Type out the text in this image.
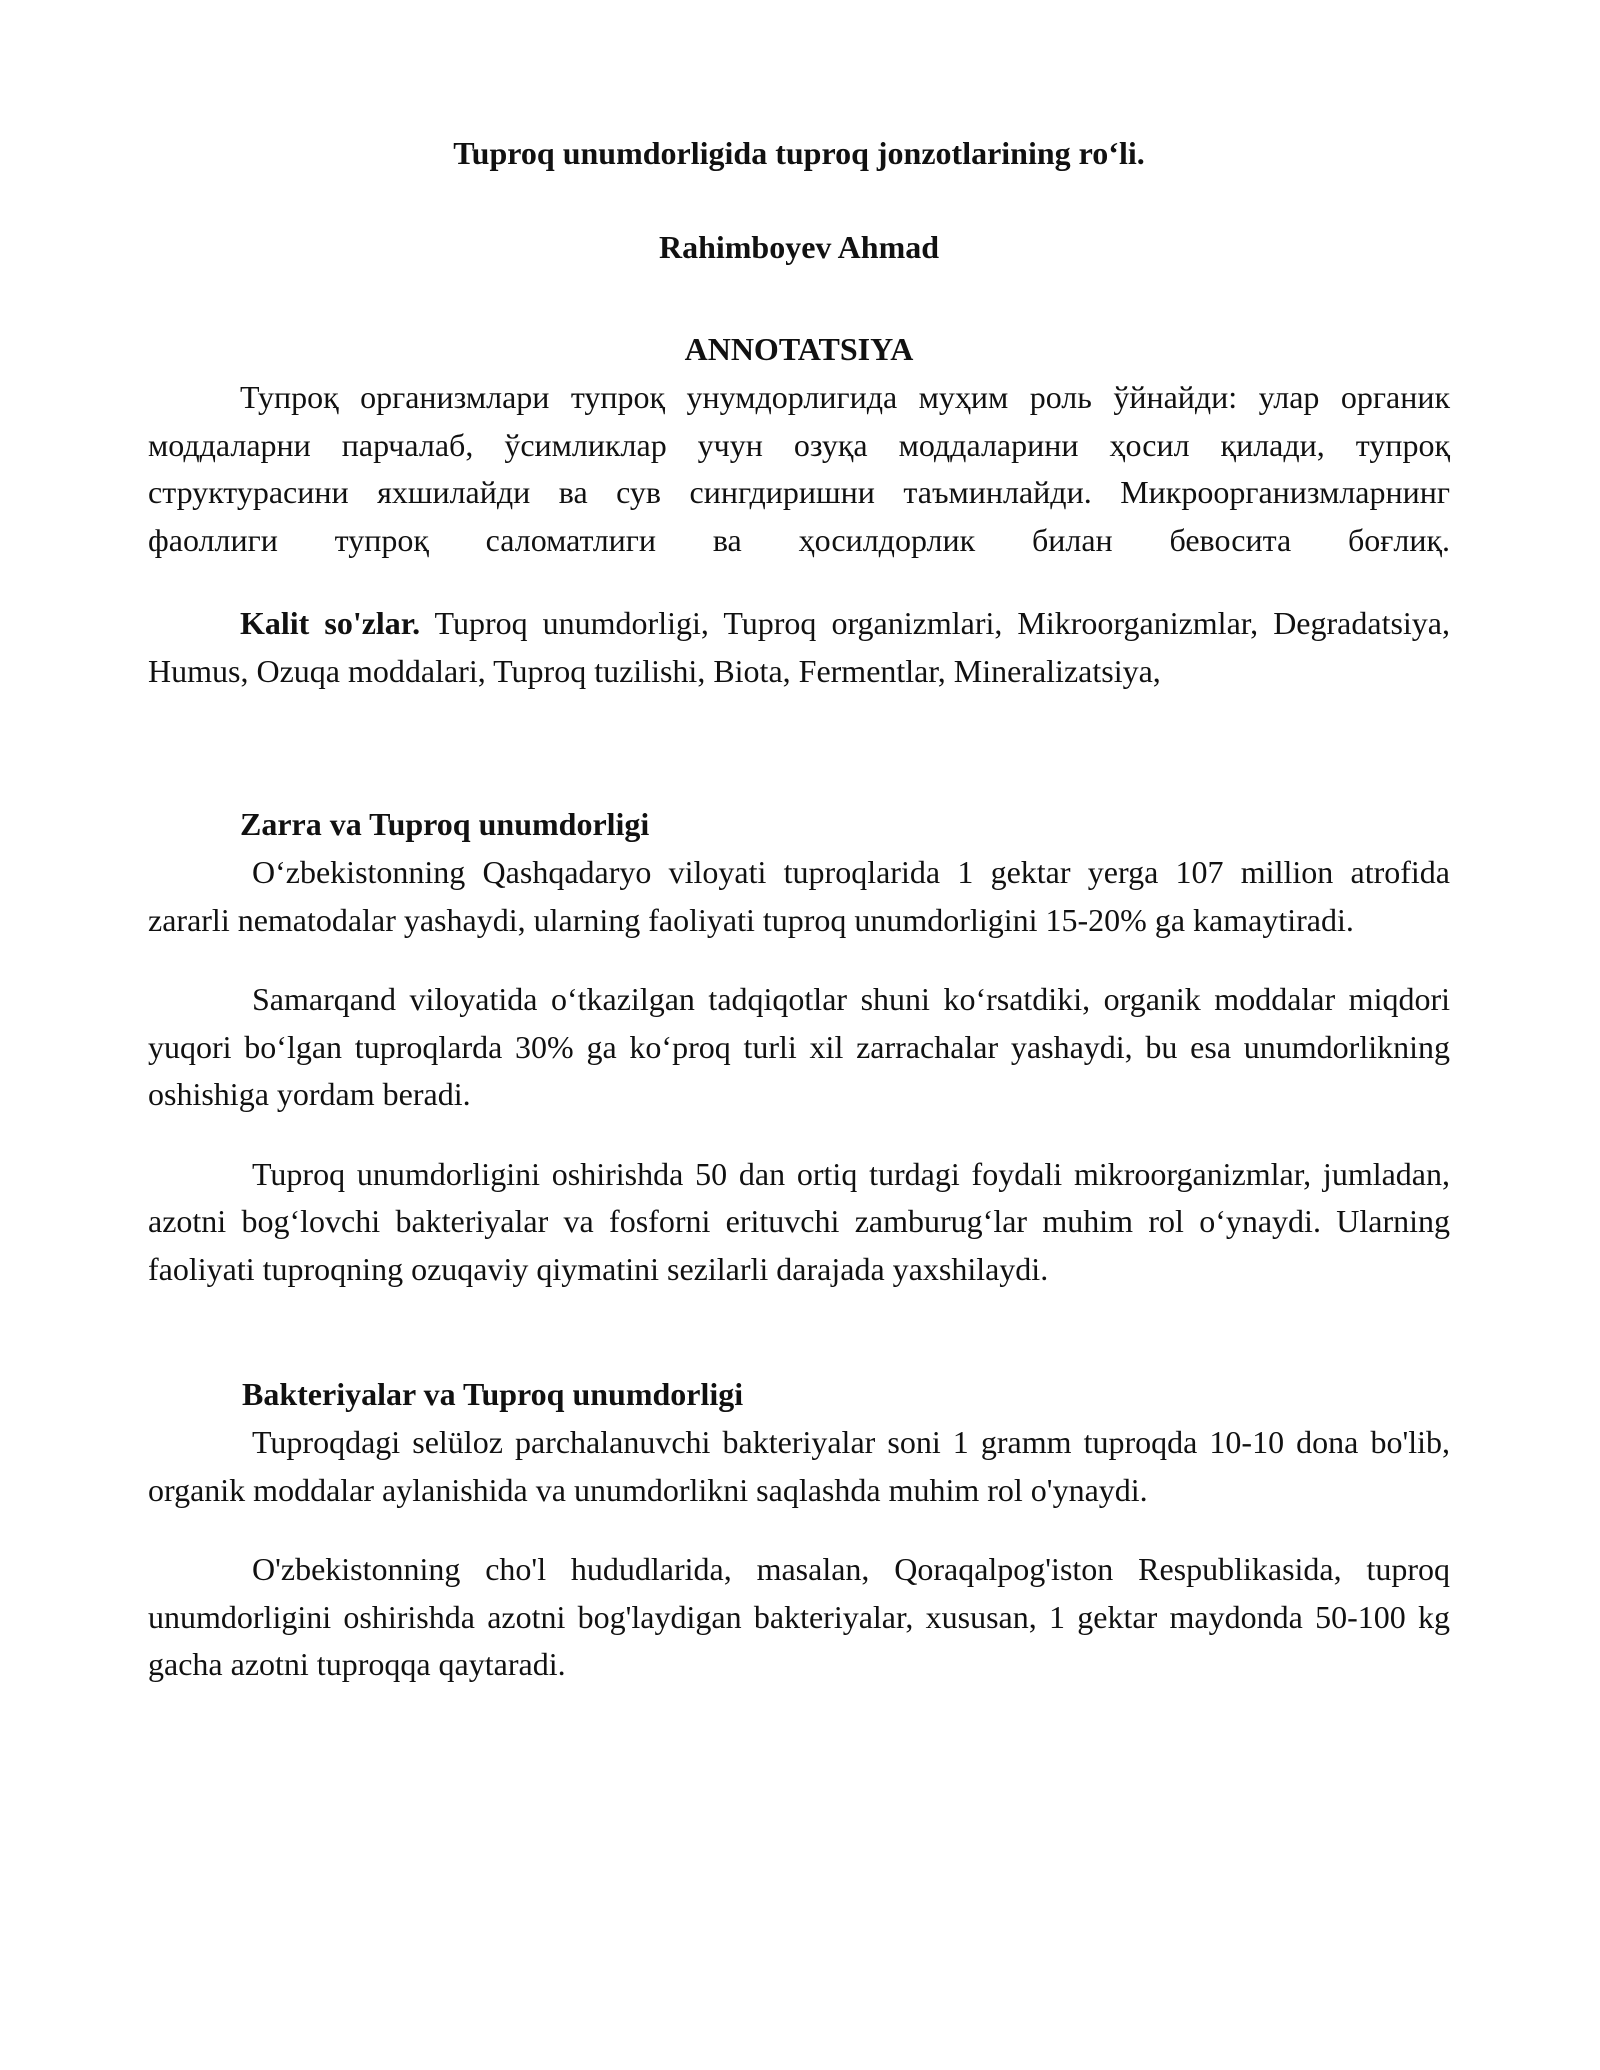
Tuproq unumdorligida tuproq jonzotlarining ro‘li.

Rahimboyev Ahmad

ANNOTATSIYA

Тупроқ организмлари тупроқ унумдорлигида муҳим роль ўйнайди: улар органик моддаларни парчалаб, ўсимликлар учун озуқа моддаларини ҳосил қилади, тупроқ структурасини яхшилайди ва сув сингдиришни таъминлайди. Микроорганизмларнинг фаоллиги тупроқ саломатлиги ва ҳосилдорлик билан бевосита боғлиқ.

Kalit so'zlar. Tuproq unumdorligi, Tuproq organizmlari, Mikroorganizmlar, Degradatsiya, Humus, Ozuqa moddalari, Tuproq tuzilishi, Biota, Fermentlar, Mineralizatsiya,

Zarra va Tuproq unumdorligi

O‘zbekistonning Qashqadaryo viloyati tuproqlarida 1 gektar yerga 107 million atrofida zararli nematodalar yashaydi, ularning faoliyati tuproq unumdorligini 15-20% ga kamaytiradi.

Samarqand viloyatida o‘tkazilgan tadqiqotlar shuni ko‘rsatdiki, organik moddalar miqdori yuqori bo‘lgan tuproqlarda 30% ga ko‘proq turli xil zarrachalar yashaydi, bu esa unumdorlikning oshishiga yordam beradi.

Tuproq unumdorligini oshirishda 50 dan ortiq turdagi foydali mikroorganizmlar, jumladan, azotni bog‘lovchi bakteriyalar va fosforni erituvchi zamburug‘lar muhim rol o‘ynaydi. Ularning faoliyati tuproqning ozuqaviy qiymatini sezilarli darajada yaxshilaydi.

Bakteriyalar va Tuproq unumdorligi

Tuproqdagi selüloz parchalanuvchi bakteriyalar soni 1 gramm tuproqda 10-10 dona bo'lib, organik moddalar aylanishida va unumdorlikni saqlashda muhim rol o'ynaydi.

O'zbekistonning cho'l hududlarida, masalan, Qoraqalpog'iston Respublikasida, tuproq unumdorligini oshirishda azotni bog'laydigan bakteriyalar, xususan, 1 gektar maydonda 50-100 kg gacha azotni tuproqqa qaytaradi.
